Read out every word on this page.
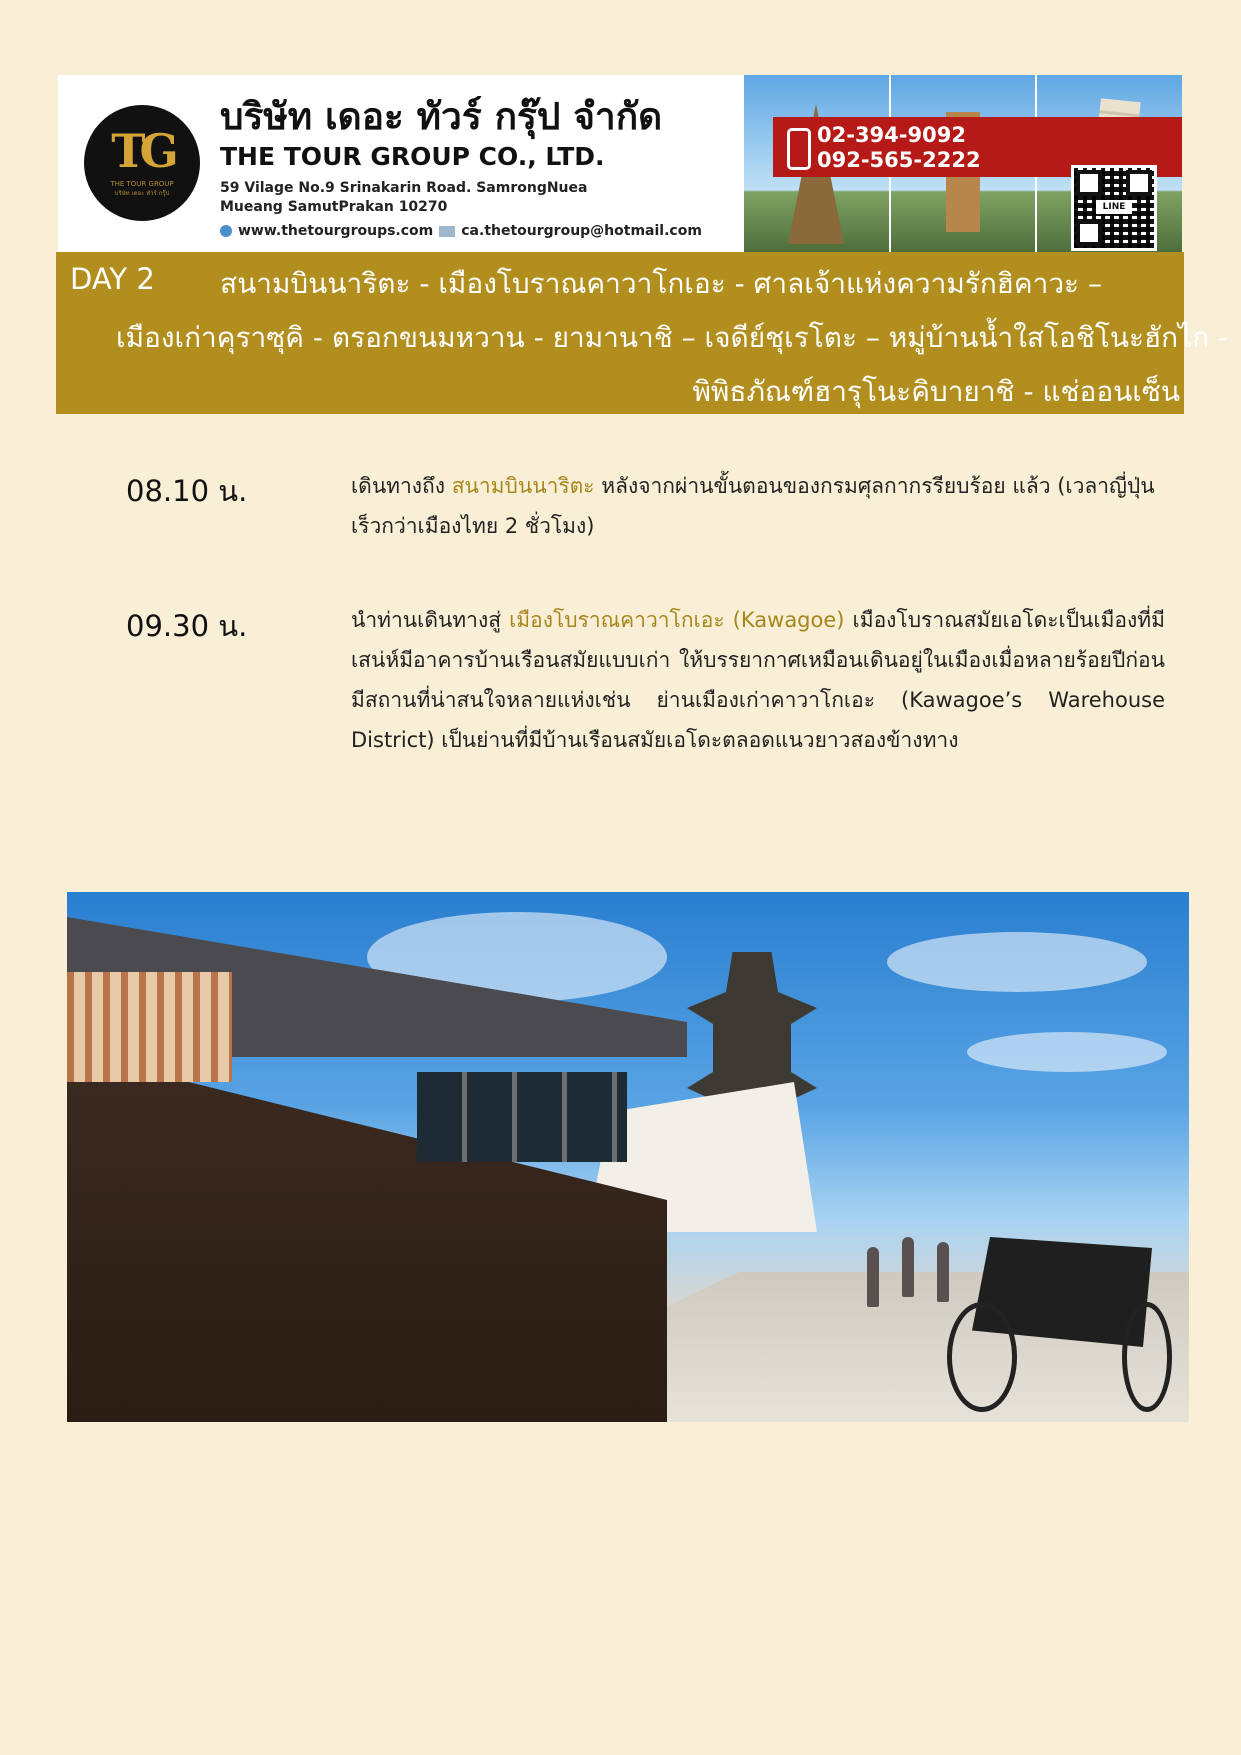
TG
THE TOUR GROUP
บริษัท เดอะ ทัวร์ กรุ๊ป
บริษัท เดอะ ทัวร์ กรุ๊ป จำกัด
THE TOUR GROUP CO., LTD.
59 Vilage No.9 Srinakarin Road. SamrongNuea
Mueang SamutPrakan 10270
www.thetourgroups.com ca.thetourgroup@hotmail.com
02-394-9092
092-565-2222
LINE
DAY 2 สนามบินนาริตะ - เมืองโบราณคาวาโกเอะ - ศาลเจ้าแห่งความรักฮิคาวะ –
เมืองเก่าคุราซุคิ - ตรอกขนมหวาน - ยามานาชิ – เจดีย์ชุเรโตะ – หมู่บ้านน้ำใสโอชิโนะฮักไก -
พิพิธภัณฑ์ฮารุโนะคิบายาชิ - แช่ออนเซ็น
08.10 น.	เดินทางถึง สนามบินนาริตะ หลังจากผ่านขั้นตอนของกรมศุลกากรรียบร้อย แล้ว (เวลาญี่ปุ่น เร็วกว่าเมืองไทย 2 ชั่วโมง)
09.30 น.	นำท่านเดินทางสู่ เมืองโบราณคาวาโกเอะ (Kawagoe) เมืองโบราณสมัยเอโดะเป็นเมืองที่มีเสน่ห์มีอาคารบ้านเรือนสมัยแบบเก่า ให้บรรยากาศเหมือนเดินอยู่ในเมืองเมื่อหลายร้อยปีก่อน มีสถานที่น่าสนใจหลายแห่งเช่น ย่านเมืองเก่าคาวาโกเอะ (Kawagoe’s Warehouse District) เป็นย่านที่มีบ้านเรือนสมัยเอโดะตลอดแนวยาวสองข้างทาง
